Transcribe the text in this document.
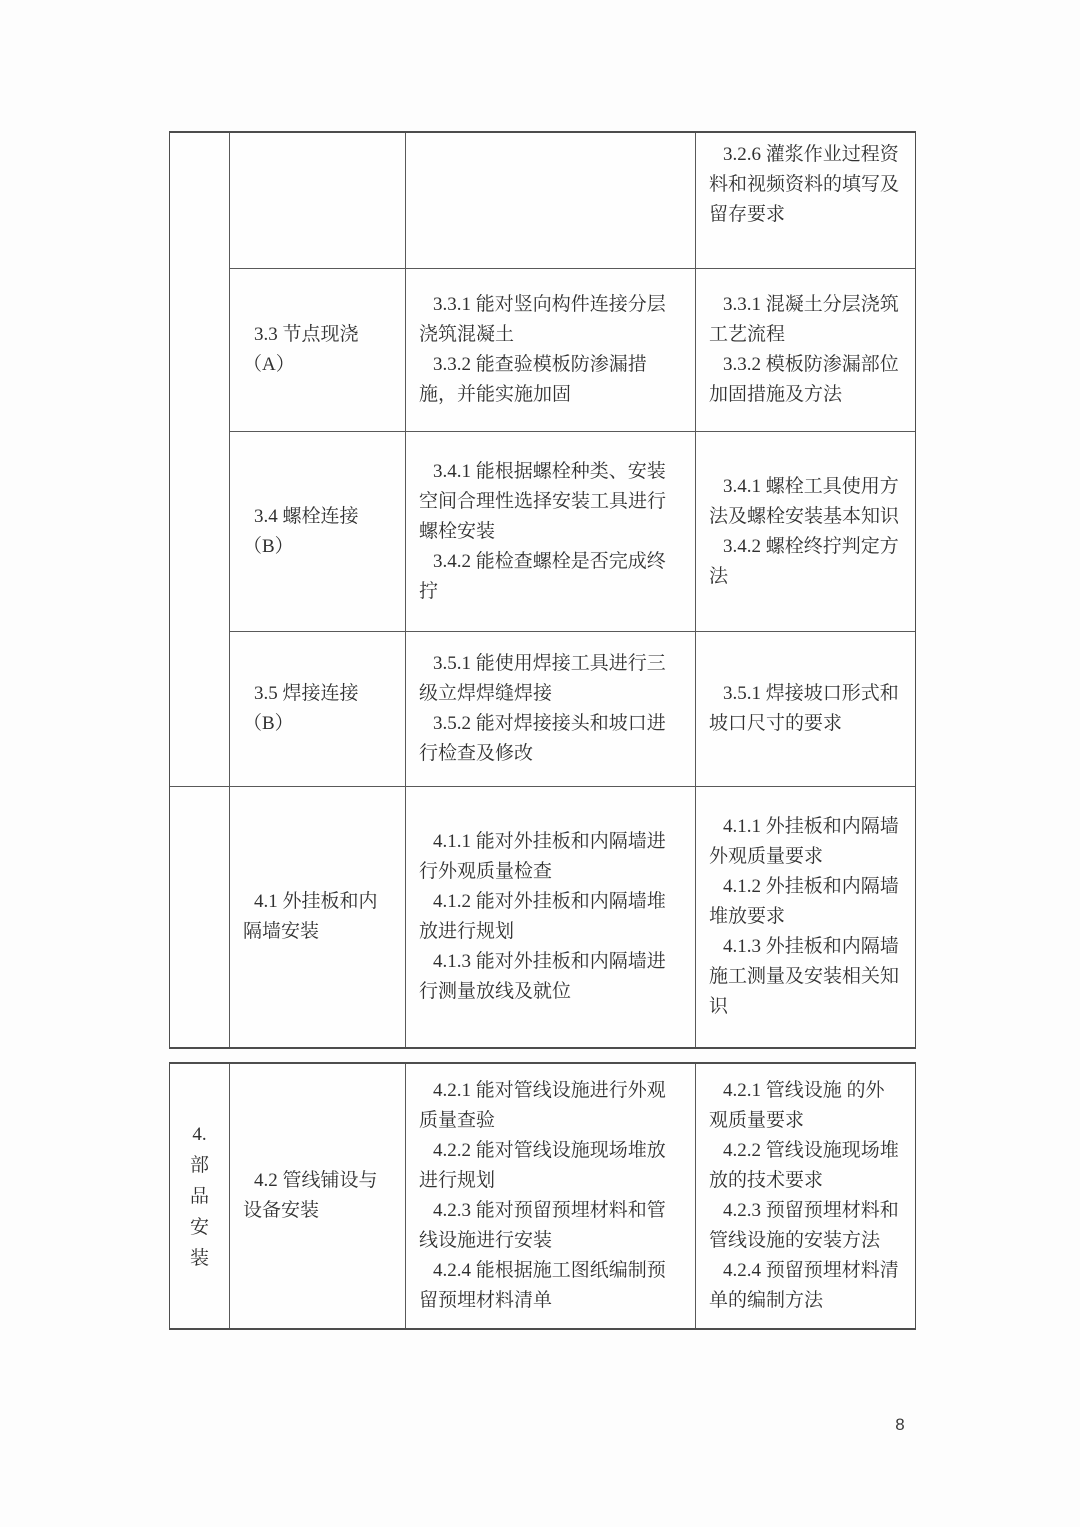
3.2.6 灌浆作业过程资料和视频资料的填写及留存要求

3.3 节点现浇（A）

3.3.1 能对竖向构件连接分层浇筑混凝土

3.3.2 能查验模板防渗漏措施，并能实施加固

3.3.1 混凝土分层浇筑工艺流程

3.3.2 模板防渗漏部位加固措施及方法

3.4 螺栓连接（B）

3.4.1 能根据螺栓种类、安装空间合理性选择安装工具进行螺栓安装

3.4.2 能检查螺栓是否完成终拧

3.4.1 螺栓工具使用方法及螺栓安装基本知识

3.4.2 螺栓终拧判定方法

3.5 焊接连接（B）

3.5.1 能使用焊接工具进行三级立焊焊缝焊接

3.5.2 能对焊接接头和坡口进行检查及修改

3.5.1 焊接坡口形式和坡口尺寸的要求

4.1 外挂板和内隔墙安装

4.1.1 能对外挂板和内隔墙进行外观质量检查

4.1.2 能对外挂板和内隔墙堆放进行规划

4.1.3 能对外挂板和内隔墙进行测量放线及就位

4.1.1 外挂板和内隔墙外观质量要求

4.1.2 外挂板和内隔墙堆放要求

4.1.3 外挂板和内隔墙施工测量及安装相关知识

4.
部
品
安
装

4.2 管线铺设与设备安装

4.2.1 能对管线设施进行外观质量查验

4.2.2 能对管线设施现场堆放进行规划

4.2.3 能对预留预埋材料和管线设施进行安装

4.2.4 能根据施工图纸编制预留预埋材料清单

4.2.1 管线设施 的外观质量要求

4.2.2 管线设施现场堆放的技术要求

4.2.3 预留预埋材料和管线设施的安装方法

4.2.4 预留预埋材料清单的编制方法

8
